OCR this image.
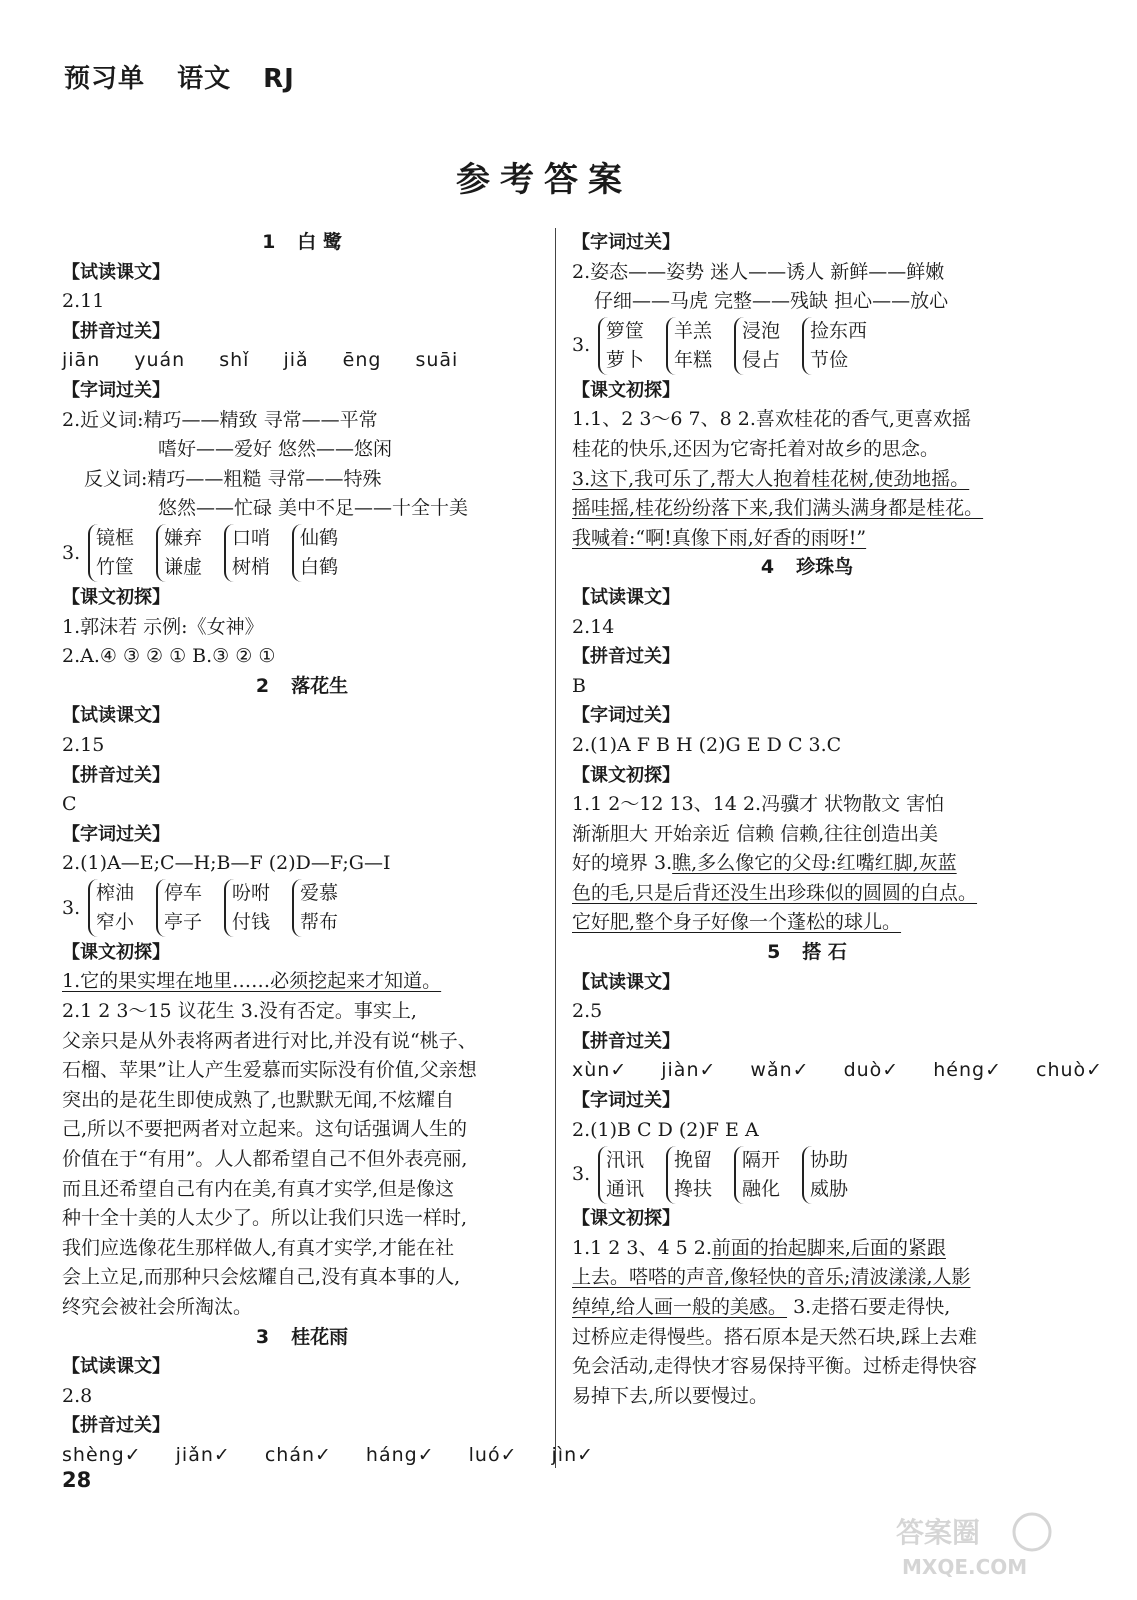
预习单 语文 RJ
参考答案
1 白 鹭
【试读课文】
2.11
【拼音过关】
jiān yuán shǐ jiǎ ēng suāi
【字词过关】
2.近义词:精巧——精致 寻常——平常
嗜好——爱好 悠然——悠闲
反义词:精巧——粗糙 寻常——特殊
悠然——忙碌 美中不足——十全十美
3.
镜框
竹筐
嫌弃
谦虚
口哨
树梢
仙鹤
白鹤
【课文初探】
1.郭沫若 示例:《女神》
2.A.④ ③ ② ① B.③ ② ①
2 落花生
【试读课文】
2.15
【拼音过关】
C
【字词过关】
2.(1)A—E;C—H;B—F (2)D—F;G—I
3.
榨油
窄小
停车
亭子
吩咐
付钱
爱慕
帮布
【课文初探】
1.它的果实埋在地里……必须挖起来才知道。
2.1 2 3～15 议花生 3.没有否定。事实上,
父亲只是从外表将两者进行对比,并没有说“桃子、
石榴、苹果”让人产生爱慕而实际没有价值,父亲想
突出的是花生即使成熟了,也默默无闻,不炫耀自
己,所以不要把两者对立起来。这句话强调人生的
价值在于“有用”。人人都希望自己不但外表亮丽,
而且还希望自己有内在美,有真才实学,但是像这
种十全十美的人太少了。所以让我们只选一样时,
我们应选像花生那样做人,有真才实学,才能在社
会上立足,而那种只会炫耀自己,没有真本事的人,
终究会被社会所淘汰。
3 桂花雨
【试读课文】
2.8
【拼音过关】
shèng✓ jiǎn✓ chán✓ háng✓ luó✓ jìn✓
【字词过关】
2.姿态——姿势 迷人——诱人 新鲜——鲜嫩
仔细——马虎 完整——残缺 担心——放心
3.
箩筐
萝卜
羊羔
年糕
浸泡
侵占
捡东西
节俭
【课文初探】
1.1、2 3～6 7、8 2.喜欢桂花的香气,更喜欢摇
桂花的快乐,还因为它寄托着对故乡的思念。
3.这下,我可乐了,帮大人抱着桂花树,使劲地摇。
摇哇摇,桂花纷纷落下来,我们满头满身都是桂花。
我喊着:“啊!真像下雨,好香的雨呀!”
4 珍珠鸟
【试读课文】
2.14
【拼音过关】
B
【字词过关】
2.(1)A F B H (2)G E D C 3.C
【课文初探】
1.1 2～12 13、14 2.冯骥才 状物散文 害怕
渐渐胆大 开始亲近 信赖 信赖,往往创造出美
好的境界 3.瞧,多么像它的父母:红嘴红脚,灰蓝
色的毛,只是后背还没生出珍珠似的圆圆的白点。
它好肥,整个身子好像一个蓬松的球儿。
5 搭 石
【试读课文】
2.5
【拼音过关】
xùn✓ jiàn✓ wǎn✓ duò✓ héng✓ chuò✓
【字词过关】
2.(1)B C D (2)F E A
3.
汛讯
通讯
挽留
搀扶
隔开
融化
协助
威胁
【课文初探】
1.1 2 3、4 5 2.前面的抬起脚来,后面的紧跟
上去。嗒嗒的声音,像轻快的音乐;清波漾漾,人影
绰绰,给人画一般的美感。 3.走搭石要走得快,
过桥应走得慢些。搭石原本是天然石块,踩上去难
免会活动,走得快才容易保持平衡。过桥走得快容
易掉下去,所以要慢过。
28
答案圈
MXQE.COM
